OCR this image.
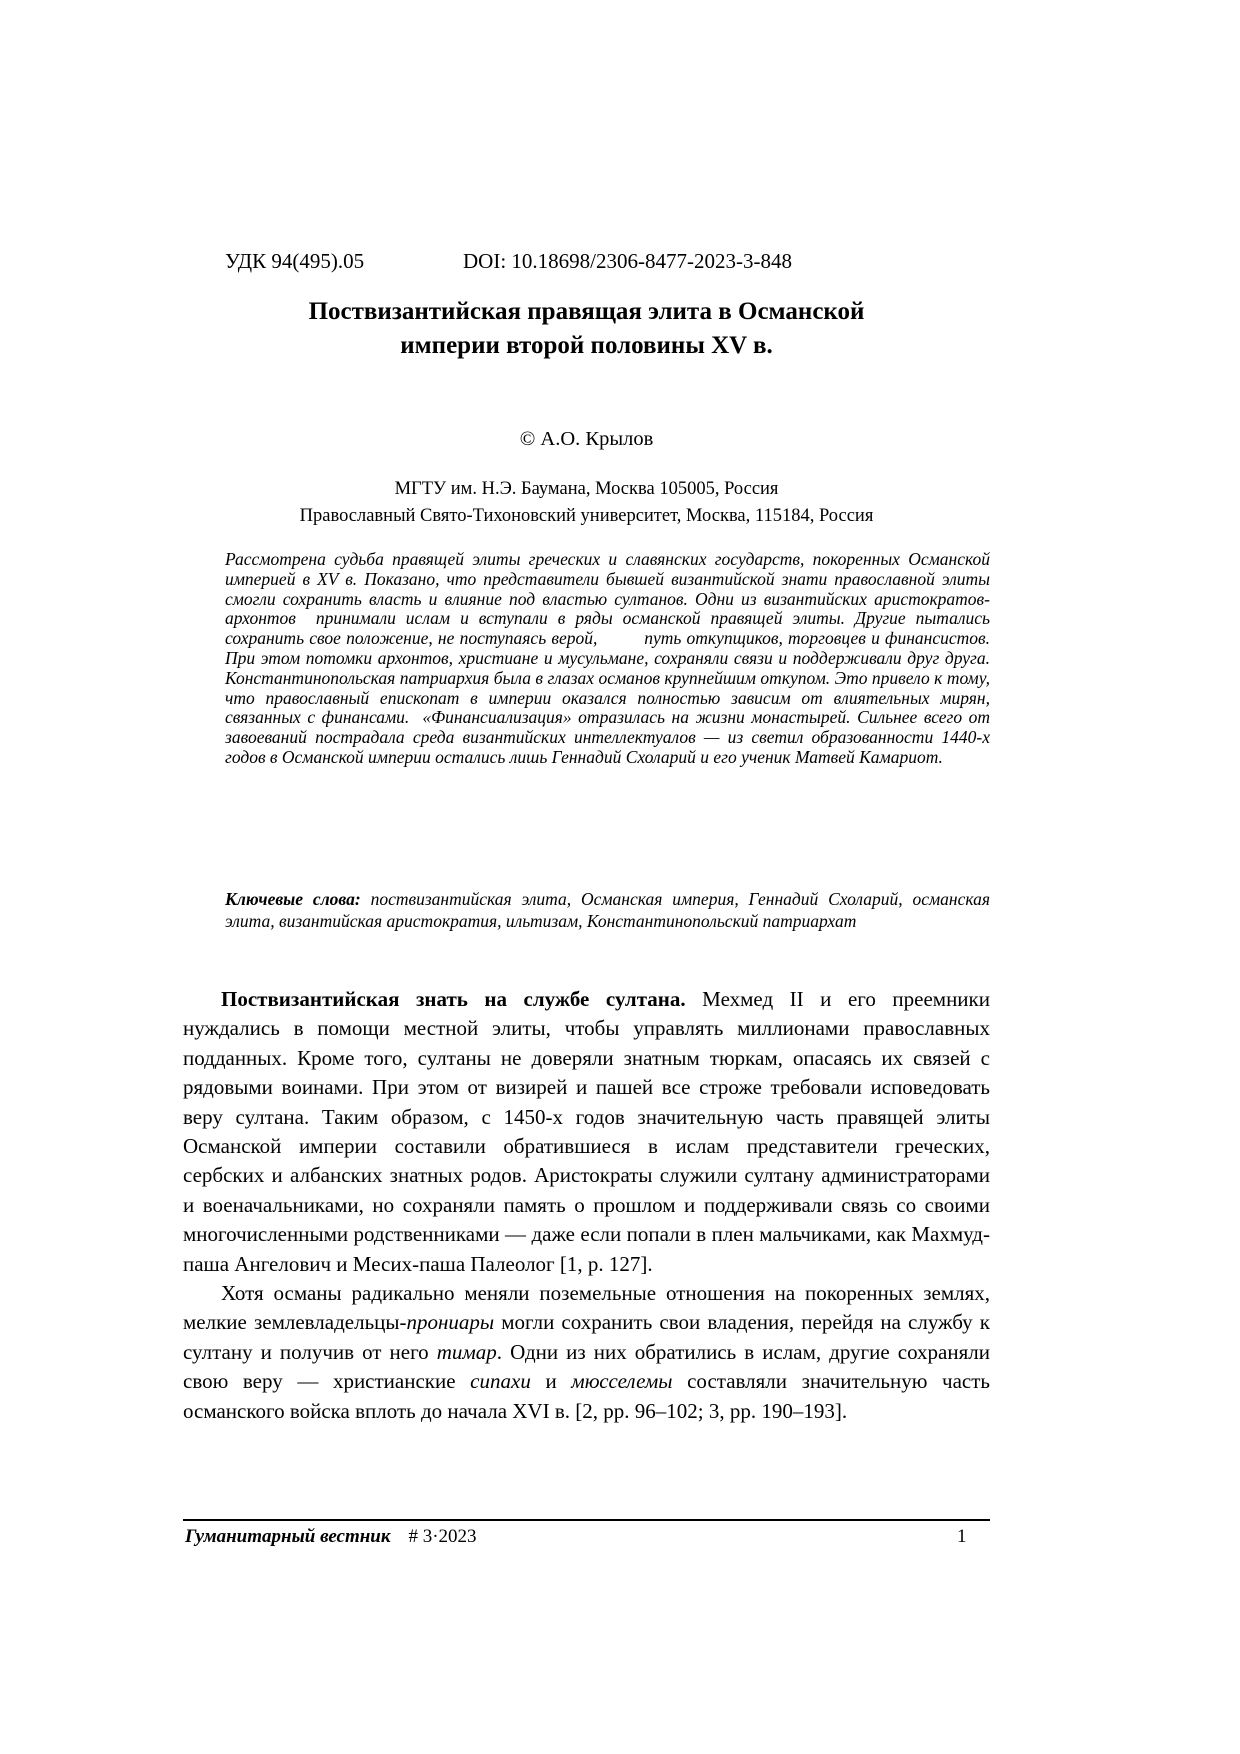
УДК 94(495).05	DOI: 10.18698/2306-8477-2023-3-848
Поствизантийская правящая элита в Османской
империи второй половины XV в.
© А.О. Крылов
МГТУ им. Н.Э. Баумана, Москва 105005, Россия
Православный Свято-Тихоновский университет, Москва, 115184, Россия
Рассмотрена судьба правящей элиты греческих и славянских государств, покоренных Османской империей в XV в. Показано, что представители бывшей византийской знати православной элиты смогли сохранить власть и влияние под властью султанов. Одни из византийских аристократов-архонтов  принимали ислам и вступали в ряды османской правящей элиты. Другие пытались сохранить свое положение, не поступаясь верой,         путь откупщиков, торговцев и финансистов. При этом потомки архонтов, христиане и мусульмане, сохраняли связи и поддерживали друг друга. Константинопольская патриархия была в глазах османов крупнейшим откупом. Это привело к тому, что православный епископат в империи оказался полностью зависим от влиятельных мирян, связанных с финансами.  «Финансиализация» отразилась на жизни монастырей. Сильнее всего от завоеваний пострадала среда византийских интеллектуалов — из светил образованности 1440-х годов в Османской империи остались лишь Геннадий Схоларий и его ученик Матвей Камариот.
Ключевые слова: поствизантийская элита, Османская империя, Геннадий Схоларий, османская элита, византийская аристократия, ильтизам, Константинопольский патриархат

Поствизантийская знать на службе султана. Мехмед II и его преемники нуждались в помощи местной элиты, чтобы управлять миллионами православных подданных. Кроме того, султаны не доверяли знатным тюркам, опасаясь их связей с рядовыми воинами. При этом от визирей и пашей все строже требовали исповедовать веру султана. Таким образом, с 1450-х годов значительную часть правящей элиты Османской империи составили обратившиеся в ислам представители греческих, сербских и албанских знатных родов. Аристократы служили султану администраторами и военачальниками, но сохраняли память о прошлом и поддерживали связь со своими многочисленными родственниками — даже если попали в плен мальчиками, как Махмуд-паша Ангелович и Месих-паша Палеолог [1, p. 127].

Хотя османы радикально меняли поземельные отношения на покоренных землях, мелкие землевладельцы-прониары могли сохранить свои владения, перейдя на службу к султану и получив от него тимар. Одни из них обратились в ислам, другие сохраняли свою веру — христианские сипахи и мюсселемы составляли значительную часть османского войска вплоть до начала XVI в. [2, pp. 96–102; 3, pp. 190–193].

Гуманитарный вестник # 3·2023	1
